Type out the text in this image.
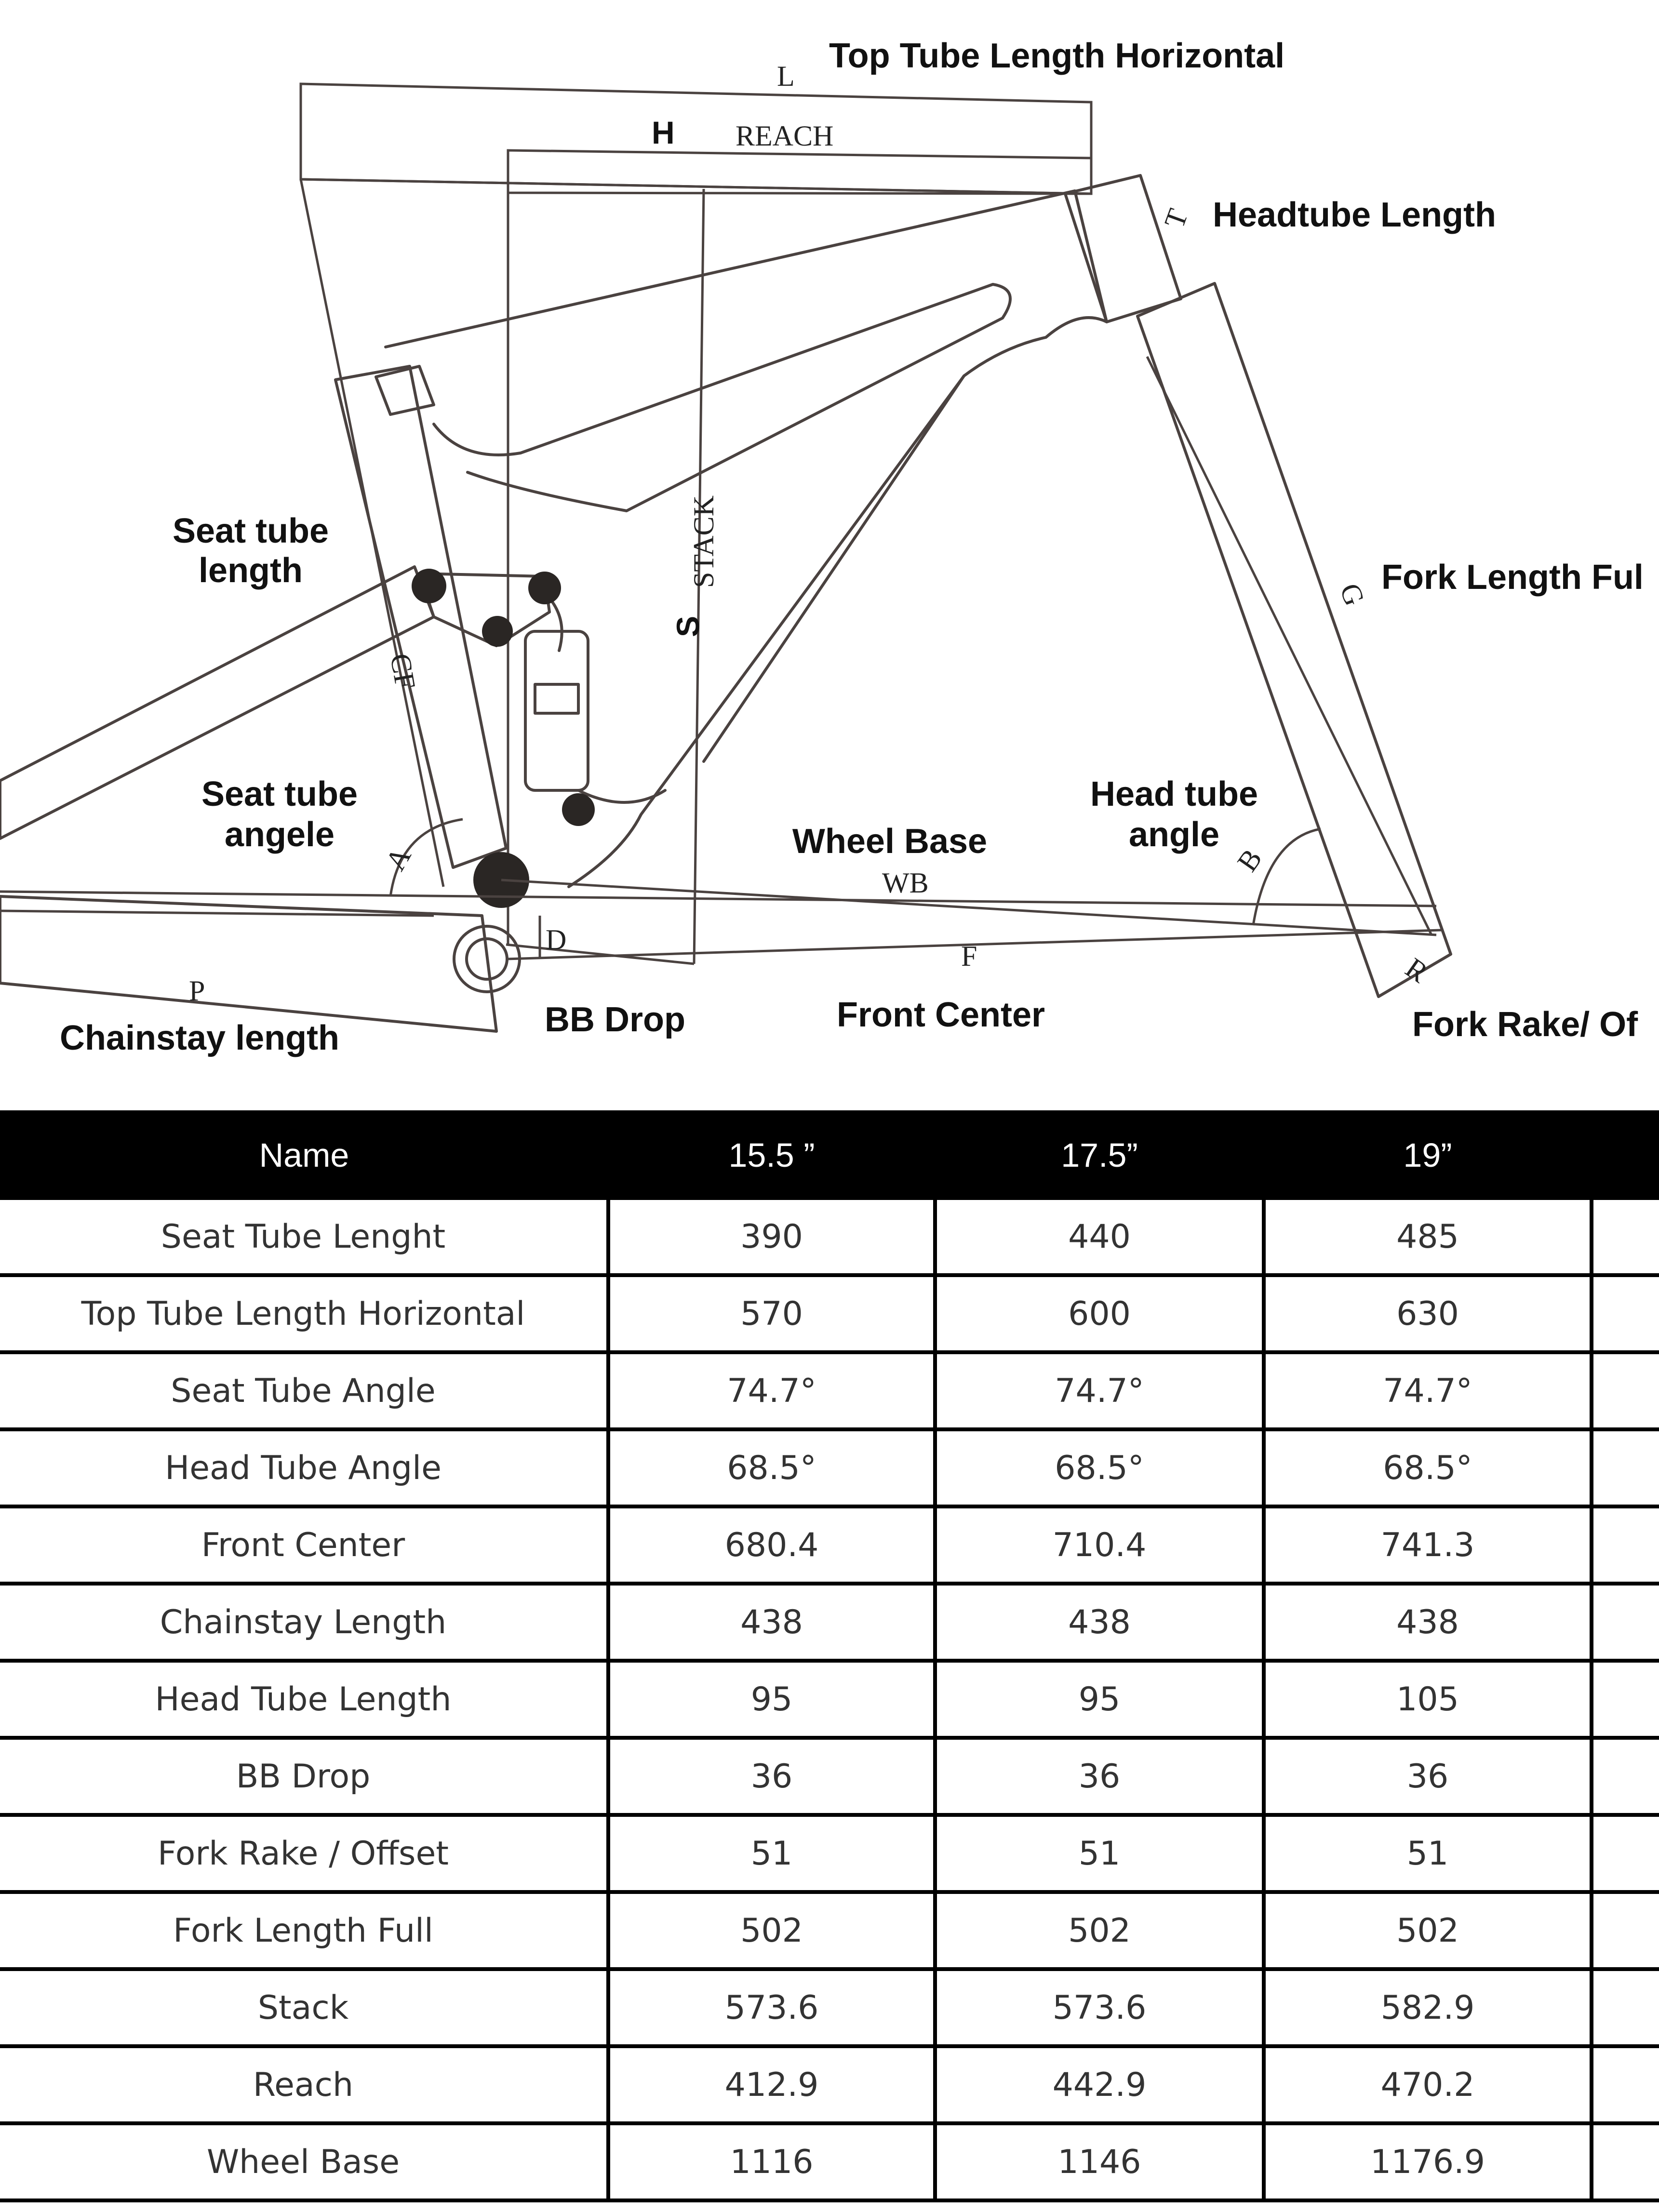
Top Tube Length Horizontal
Headtube Length
Fork Length Ful
Seat tube
length
Seat tube
angele	Wheel Base
Head tube
angle
BB Drop	Front Center
Chainstay length	Fork Rake/ Of
L
H REACH
T
G
S
STACK
CF
A	B
WB
D
F
P
R
Name	15.5 ”	17.5”	19”	
Seat Tube Lenght	390	440	485	
Top Tube Length Horizontal	570	600	630	
Seat Tube Angle	74.7°	74.7°	74.7°	
Head Tube Angle	68.5°	68.5°	68.5°	
Front Center	680.4	710.4	741.3	
Chainstay Length	438	438	438	
Head Tube Length	95	95	105	
BB Drop	36	36	36	
Fork Rake / Offset	51	51	51	
Fork Length Full	502	502	502	
Stack	573.6	573.6	582.9	
Reach	412.9	442.9	470.2	
Wheel Base	1116	1146	1176.9	
